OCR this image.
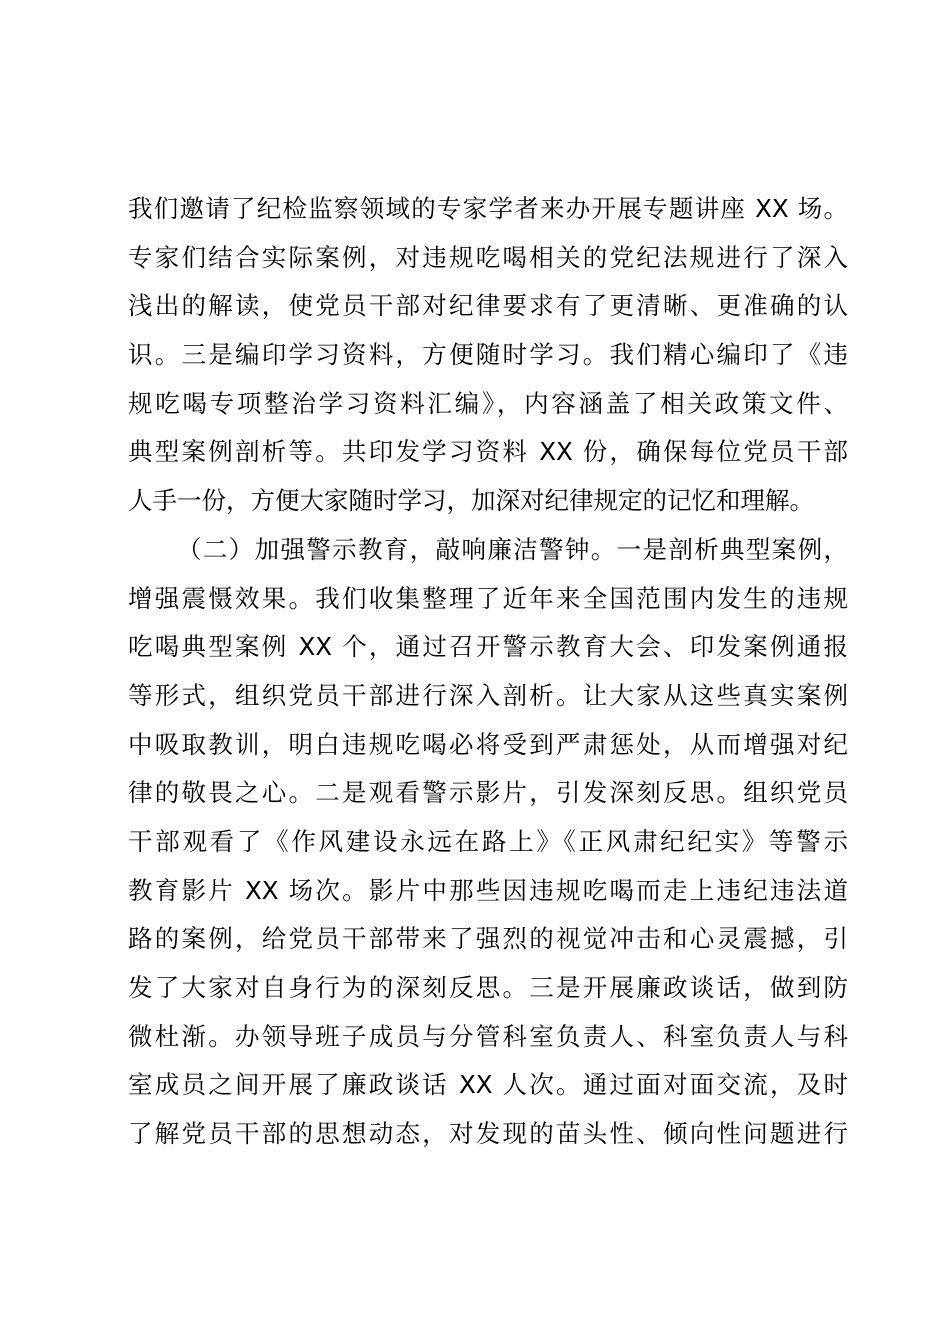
我们邀请了纪检监察领域的专家学者来办开展专题讲座 XX 场。
专家们结合实际案例，对违规吃喝相关的党纪法规进行了深入
浅出的解读，使党员干部对纪律要求有了更清晰、更准确的认
识。三是编印学习资料，方便随时学习。我们精心编印了《违
规吃喝专项整治学习资料汇编》，内容涵盖了相关政策文件、
典型案例剖析等。共印发学习资料 XX 份，确保每位党员干部
人手一份，方便大家随时学习，加深对纪律规定的记忆和理解。
（二）加强警示教育，敲响廉洁警钟。一是剖析典型案例，
增强震慑效果。我们收集整理了近年来全国范围内发生的违规
吃喝典型案例 XX 个，通过召开警示教育大会、印发案例通报
等形式，组织党员干部进行深入剖析。让大家从这些真实案例
中吸取教训，明白违规吃喝必将受到严肃惩处，从而增强对纪
律的敬畏之心。二是观看警示影片，引发深刻反思。组织党员
干部观看了《作风建设永远在路上》《正风肃纪纪实》等警示
教育影片 XX 场次。影片中那些因违规吃喝而走上违纪违法道
路的案例，给党员干部带来了强烈的视觉冲击和心灵震撼，引
发了大家对自身行为的深刻反思。三是开展廉政谈话，做到防
微杜渐。办领导班子成员与分管科室负责人、科室负责人与科
室成员之间开展了廉政谈话 XX 人次。通过面对面交流，及时
了解党员干部的思想动态，对发现的苗头性、倾向性问题进行
